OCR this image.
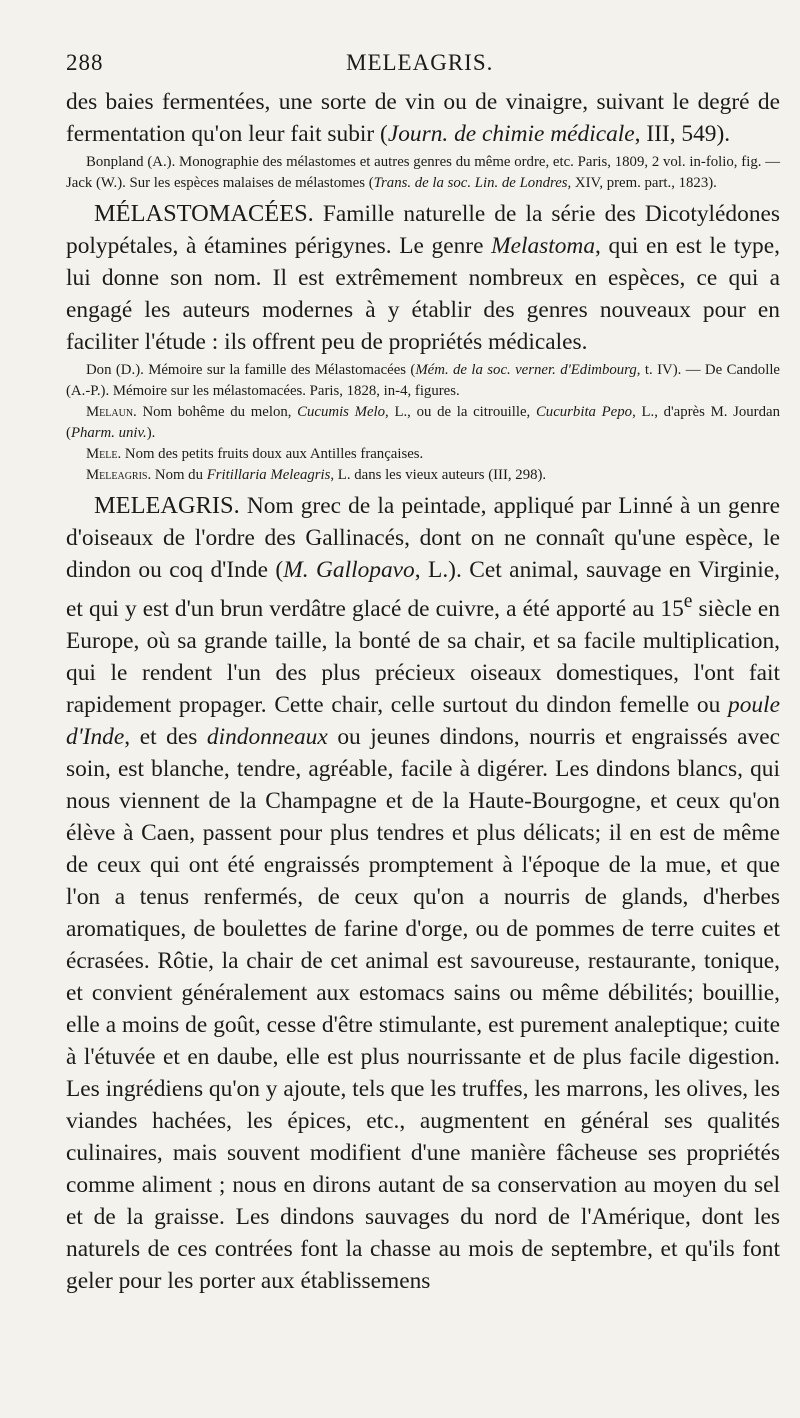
288	MELEAGRIS.

des baies fermentées, une sorte de vin ou de vinaigre, suivant le degré de fermentation qu'on leur fait subir (Journ. de chimie médicale, III, 549).

Bonpland (A.). Monographie des mélastomes et autres genres du même ordre, etc. Paris, 1809, 2 vol. in-folio, fig. — Jack (W.). Sur les espèces malaises de mélastomes (Trans. de la soc. Lin. de Londres, XIV, prem. part., 1823).

MÉLASTOMACÉES. Famille naturelle de la série des Dicotylédones polypétales, à étamines périgynes. Le genre Melastoma, qui en est le type, lui donne son nom. Il est extrêmement nombreux en espèces, ce qui a engagé les auteurs modernes à y établir des genres nouveaux pour en faciliter l'étude : ils offrent peu de propriétés médicales.

Don (D.). Mémoire sur la famille des Mélastomacées (Mém. de la soc. verner. d'Edimbourg, t. IV). — De Candolle (A.-P.). Mémoire sur les mélastomacées. Paris, 1828, in-4, figures.

Melaun. Nom bohême du melon, Cucumis Melo, L., ou de la citrouille, Cucurbita Pepo, L., d'après M. Jourdan (Pharm. univ.).

Mele. Nom des petits fruits doux aux Antilles françaises.

Meleagris. Nom du Fritillaria Meleagris, L. dans les vieux auteurs (III, 298).

MELEAGRIS. Nom grec de la peintade, appliqué par Linné à un genre d'oiseaux de l'ordre des Gallinacés, dont on ne connaît qu'une espèce, le dindon ou coq d'Inde (M. Gallopavo, L.). Cet animal, sauvage en Virginie, et qui y est d'un brun verdâtre glacé de cuivre, a été apporté au 15e siècle en Europe, où sa grande taille, la bonté de sa chair, et sa facile multiplication, qui le rendent l'un des plus précieux oiseaux domestiques, l'ont fait rapidement propager. Cette chair, celle surtout du dindon femelle ou poule d'Inde, et des dindonneaux ou jeunes dindons, nourris et engraissés avec soin, est blanche, tendre, agréable, facile à digérer. Les dindons blancs, qui nous viennent de la Champagne et de la Haute-Bourgogne, et ceux qu'on élève à Caen, passent pour plus tendres et plus délicats; il en est de même de ceux qui ont été engraissés promptement à l'époque de la mue, et que l'on a tenus renfermés, de ceux qu'on a nourris de glands, d'herbes aromatiques, de boulettes de farine d'orge, ou de pommes de terre cuites et écrasées. Rôtie, la chair de cet animal est savoureuse, restaurante, tonique, et convient généralement aux estomacs sains ou même débilités; bouillie, elle a moins de goût, cesse d'être stimulante, est purement analeptique; cuite à l'étuvée et en daube, elle est plus nourrissante et de plus facile digestion. Les ingrédiens qu'on y ajoute, tels que les truffes, les marrons, les olives, les viandes hachées, les épices, etc., augmentent en général ses qualités culinaires, mais souvent modifient d'une manière fâcheuse ses propriétés comme aliment ; nous en dirons autant de sa conservation au moyen du sel et de la graisse. Les dindons sauvages du nord de l'Amérique, dont les naturels de ces contrées font la chasse au mois de septembre, et qu'ils font geler pour les porter aux établissemens
